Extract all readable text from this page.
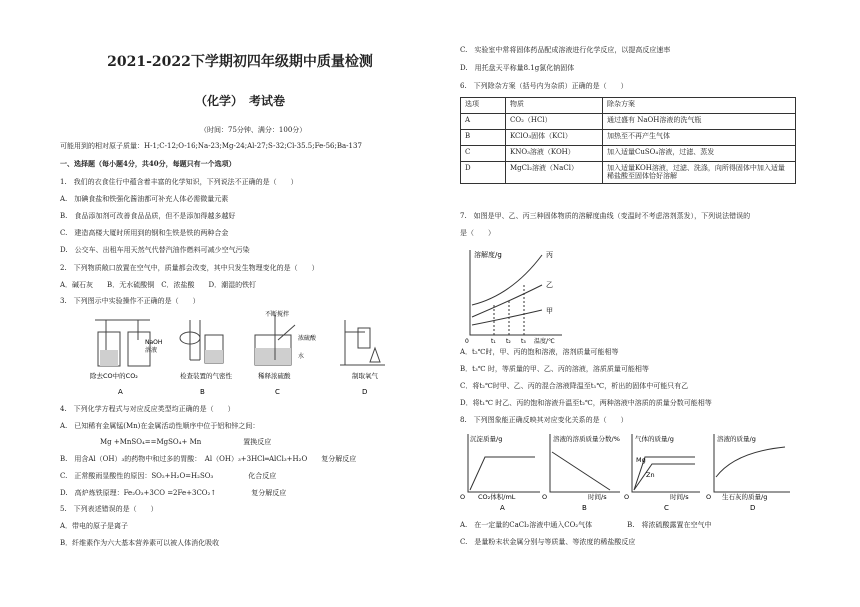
2021-2022下学期初四年级期中质量检测
（化学）　考试卷
（时间：75分钟、满分：100分）
可能用到的相对原子质量：H-1;C-12;O-16;Na-23;Mg-24;Al-27;S-32;Cl-35.5;Fe-56;Ba-137
一、选择题（每小题4分，共40分，每题只有一个选项）
1.　我们的衣食住行中蕴含着丰富的化学知识，下列说法不正确的是（　　）
A.　加碘食盐和铁强化酱油都可补充人体必需微量元素
B.　食品添加剂可改善食品品质，但不是添加得越多越好
C.　建造高楼大厦时所用到的钢和生铁是铁的两种合金
D.　公交车、出租车用天然气代替汽油作燃料可减少空气污染
2.　下列物质敞口放置在空气中，质量都会改变，其中只发生物理变化的是（　　）
A．碱石灰　　B．无水硫酸铜　C．浓盐酸　　D．潮湿的铁钉
3.　下列图示中实验操作不正确的是（　　）
NaOH
溶液
除去CO中的CO₂
A
检查装置的气密性
B
不断搅拌
浓硫酸
水
稀释浓硫酸
C
制取氧气
D
4.　下列化学方程式与对应反应类型均正确的是（　　）
A.　已知稀有金属锰(Mn)在金属活动性顺序中位于铝和锌之间：
Mg +MnSO₄==MgSO₄+ Mn　　　　　　置换反应
B.　用含Al（OH）₃的药物中和过多的胃酸：　Al（OH）₃+3HCl═AlCl₃+H₂O　　复分解反应
C.　正常酸雨显酸性的原因：SO₂+H₂O=H₂SO₃　　　　　化合反应
D.　高炉炼铁原理：Fe₂O₃+3CO =2Fe+3CO₂↑　　　　　复分解反应
5.　下列表述错误的是（　　）
A．带电的原子是离子
B．纤维素作为六大基本营养素可以被人体消化吸收
C.　实验室中常将固体药品配成溶液进行化学反应，以提高反应速率
D.　用托盘天平称量8.1g氯化钠固体
6.　下列除杂方案（括号内为杂质）正确的是（　　）
选项	物质	除杂方案
A	CO₂（HCl）	通过盛有 NaOH溶液的洗气瓶
B	KClO₃固体（KCl）	加热至不再产生气体
C	KNO₃溶液（KOH）	加入适量CuSO₄溶液，过滤、蒸发
D	MgCl₂溶液（NaCl）	加入适量KOH溶液，过滤、洗涤，向所得固体中加入适量稀盐酸至固体恰好溶解
7.　如图是甲、乙、丙三种固体物质的溶解度曲线（变温时不考虑溶剂蒸发），下列说法错误的
是（　　）
溶解度/g	丙
乙
甲
0	t₁ t₂ t₃ 温度/℃
A．t₂℃时，甲、丙的饱和溶液，溶剂质量可能相等
B．t₃℃ 时，等质量的甲、乙、丙的溶液，溶质质量可能相等
C．将t₂℃时甲、乙、丙的混合溶液降温至t₁℃，析出的固体中可能只有乙
D．将t₁℃ 时乙、丙的饱和溶液升温至t₂℃，两种溶液中溶质的质量分数可能相等
8.　下列图象能正确反映其对应变化关系的是（　　）
沉淀质量/g
O CO₂体积/mL
A
溶液的溶质质量分数/%
O	时间/s
B
气体的质量/g
Mg
Zn
O	时间/s
C
溶液的质量/g
O 生石灰的质量/g
D
A.　在一定量的CaCl₂溶液中通入CO₂气体　　　　　B.　将浓硫酸露置在空气中
C.　是量粉末状金属分别与等质量、等浓度的稀盐酸反应
